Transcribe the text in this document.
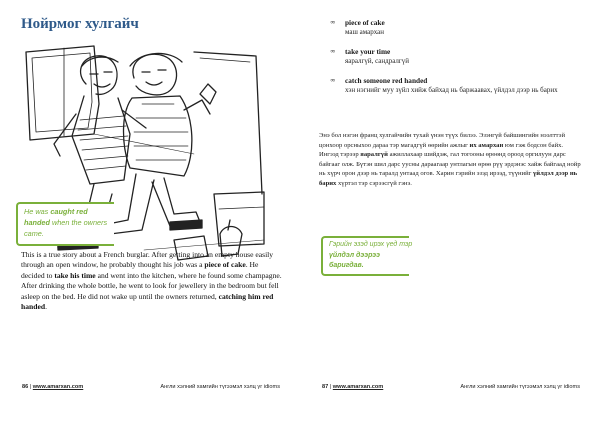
Нойрмог хулгайч
He was caught red handed when the owners came.

This is a true story about a French burglar. After getting into an empty house easily through an open window, he probably thought his job was a piece of cake. He decided to take his time and went into the kitchen, where he found some champagne. After drinking the whole bottle, he went to look for jewellery in the bedroom but fell asleep on the bed. He did not wake up until the owners returned, catching him red handed.

86 | www.amarxan.com	Англи хэлний хамгийн түгээмэл хэлц үг idioms
∞ piece of cake
маш амархан
∞ take your time
яаралгүй, сандралгүй
∞ catch someone red handed
хэн нэгнийг муу зүйл хийж байхад нь баржаавах, үйлдэл дээр нь барих

Энэ бол нэгэн франц хулгайчийн тухай үнэн түүх билээ. Эзэнгүй байшингийн нээлттэй цонхоор орсныхоо дараа тэр магадгүй өөрийн ажлыг их амархан юм гэж бодсон байх. Ингээд тэрээр яаралгүй ажиллахаар шийдэж, гал тогооны өрөөнд ороод оргилуун дарс байгааг олж. Бүтэн шил дарс уусны дараагаар унтлагын өрөө рүү эрдэнэс хайж байгаад нойр нь хүрч орон дээр нь таралд унтаад огов. Харин гэрийн эзэд ирээд, түүнийг үйлдэл дээр нь барих хүртэл тэр сэрээсгүй гэнэ.

Гэрийн эзэд ирэх үед тэр үйлдэл дээрээ баригдав.
87 | www.amarxan.com	Англи хэлний хамгийн түгээмэл хэлц үг idioms
